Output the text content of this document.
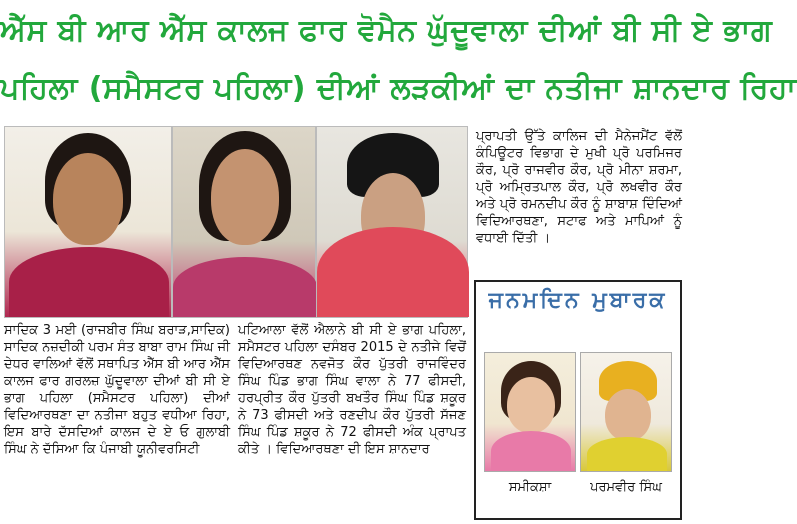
ਐੱਸ ਬੀ ਆਰ ਐੱਸ ਕਾਲਜ ਫਾਰ ਵੋਮੈਨ ਘੁੱਦੂਵਾਲਾ ਦੀਆਂ ਬੀ ਸੀ ਏ ਭਾਗ
ਪਹਿਲਾ (ਸਮੈਸਟਰ ਪਹਿਲਾ) ਦੀਆਂ ਲੜਕੀਆਂ ਦਾ ਨਤੀਜਾ ਸ਼ਾਨਦਾਰ ਰਿਹਾ

ਸਾਦਿਕ 3 ਮਈ (ਰਾਜਬੀਰ ਸਿੰਘ ਬਰਾੜ,ਸਾਦਿਕ) ਸਾਦਿਕ ਨਜ਼ਦੀਕੀ ਪਰਮ ਸੰਤ ਬਾਬਾ ਰਾਮ ਸਿੰਘ ਜੀ ਦੇਧਰ ਵਾਲਿਆਂ ਵੱਲੋਂ ਸਥਾਪਿਤ ਐੱਸ ਬੀ ਆਰ ਐੱਸ ਕਾਲਜ ਫਾਰ ਗਰਲਜ਼ ਘੁੱਦੂਵਾਲਾ ਦੀਆਂ ਬੀ ਸੀ ਏ ਭਾਗ ਪਹਿਲਾ (ਸਮੈਸਟਰ ਪਹਿਲਾ) ਦੀਆਂ ਵਿਦਿਆਰਥਣਾ ਦਾ ਨਤੀਜਾ ਬਹੁਤ ਵਧੀਆ ਰਿਹਾ, ਇਸ ਬਾਰੇ ਦੱਸਦਿਆਂ ਕਾਲਜ ਦੇ ਏ ਓ ਗੁਲਾਬੀ ਸਿੰਘ ਨੇ ਦੱਸਿਆ ਕਿ ਪੰਜਾਬੀ ਯੂਨੀਵਰਸਿਟੀ

ਪਟਿਆਲਾ ਵੱਲੋਂ ਐਲਾਨੇ ਬੀ ਸੀ ਏ ਭਾਗ ਪਹਿਲਾ, ਸਮੈਸਟਰ ਪਹਿਲਾ ਦਸੰਬਰ 2015 ਦੇ ਨਤੀਜੇ ਵਿਚੋਂ ਵਿਦਿਆਰਥਣ ਨਵਜੋਤ ਕੌਰ ਪੁੱਤਰੀ ਰਾਜਵਿੰਦਰ ਸਿੰਘ ਪਿੰਡ ਭਾਗ ਸਿੰਘ ਵਾਲਾ ਨੇ 77 ਫੀਸਦੀ, ਹਰਪ੍ਰੀਤ ਕੌਰ ਪੁੱਤਰੀ ਬਖਤੌਰ ਸਿੰਘ ਪਿੰਡ ਸ਼ਕੂਰ ਨੇ 73 ਫੀਸਦੀ ਅਤੇ ਰਣਦੀਪ ਕੌਰ ਪੁੱਤਰੀ ਸੱਜਣ ਸਿੰਘ ਪਿੰਡ ਸ਼ਕੂਰ ਨੇ 72 ਫੀਸਦੀ ਅੰਕ ਪ੍ਰਾਪਤ ਕੀਤੇ । ਵਿਦਿਆਰਥਣਾ ਦੀ ਇਸ ਸ਼ਾਨਦਾਰ

ਪ੍ਰਾਪਤੀ ਉੱਤੇ ਕਾਲਿਜ ਦੀ ਮੈਨੇਜਮੈਂਟ ਵੱਲੋਂ ਕੰਪਿਊਟਰ ਵਿਭਾਗ ਦੇ ਮੁਖੀ ਪ੍ਰੋ ਪਰਮਿਜਰ ਕੌਰ, ਪ੍ਰੋ ਰਾਜਵੀਰ ਕੌਰ, ਪ੍ਰੋ ਮੀਨਾ ਸ਼ਰਮਾ, ਪ੍ਰੋ ਅਮ੍ਰਿਤਪਾਲ ਕੌਰ, ਪ੍ਰੋ ਲਖਵੀਰ ਕੌਰ ਅਤੇ ਪ੍ਰੋ ਰਮਨਦੀਪ ਕੌਰ ਨੂੰ ਸ਼ਾਬਾਸ਼ ਦਿੰਦਿਆਂ ਵਿਦਿਆਰਥਣਾ, ਸਟਾਫ ਅਤੇ ਮਾਪਿਆਂ ਨੂੰ ਵਧਾਈ ਦਿੱਤੀ ।

ਜਨਮਦਿਨ ਮੁਬਾਰਕ
ਸਮੀਕਸ਼ਾ	ਪਰਮਵੀਰ ਸਿੰਘ
